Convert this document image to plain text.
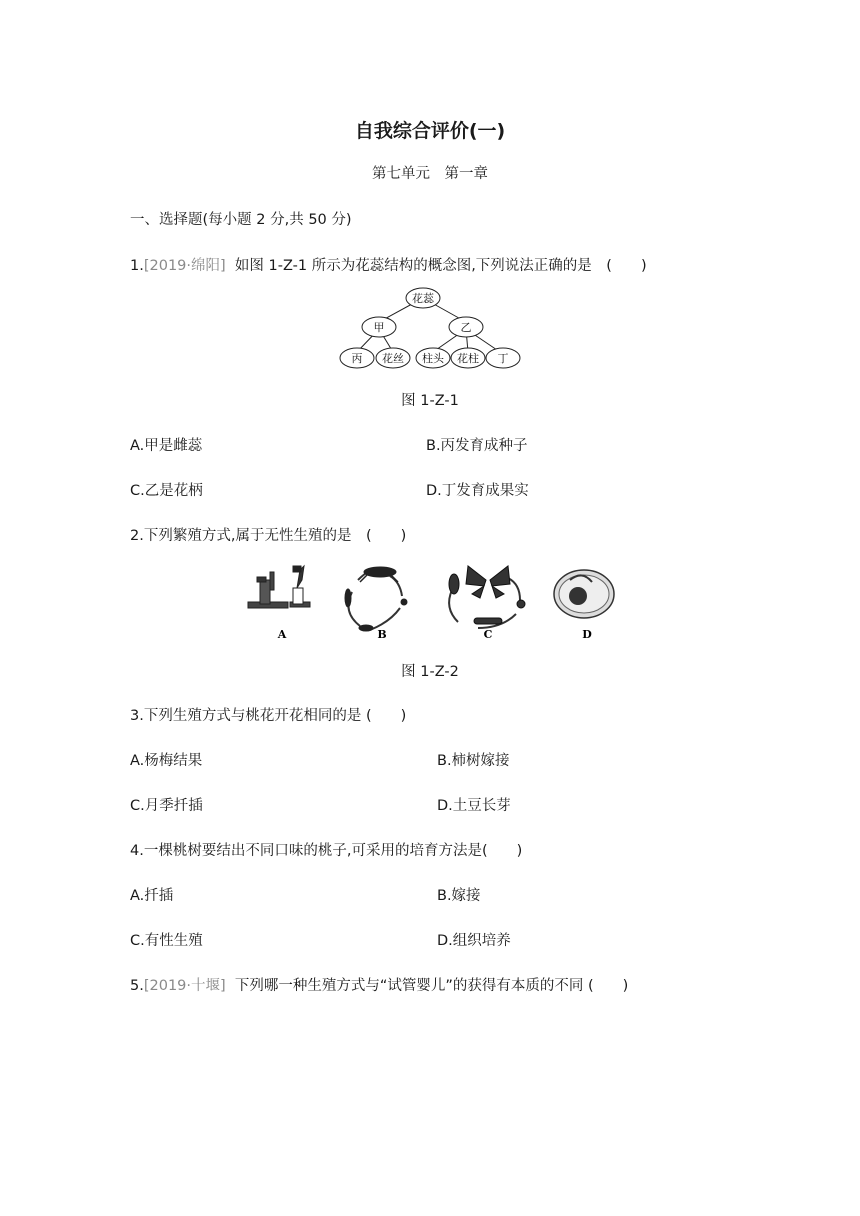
自我综合评价(一)
第七单元　第一章
一、选择题(每小题 2 分,共 50 分)
1.[2019·绵阳] 如图 1-Z-1 所示为花蕊结构的概念图,下列说法正确的是　(　　)
花蕊
甲	乙
丙 花丝 柱头 花柱 丁
图 1-Z-1
A.甲是雌蕊	B.丙发育成种子
C.乙是花柄	D.丁发育成果实
2.下列繁殖方式,属于无性生殖的是　(　　)
A	B	C	D
图 1-Z-2
3.下列生殖方式与桃花开花相同的是 (　　)
A.杨梅结果	B.柿树嫁接
C.月季扦插	D.土豆长芽
4.一棵桃树要结出不同口味的桃子,可采用的培育方法是(　　)
A.扦插	B.嫁接
C.有性生殖	D.组织培养
5.[2019·十堰] 下列哪一种生殖方式与“试管婴儿”的获得有本质的不同 (　　)
